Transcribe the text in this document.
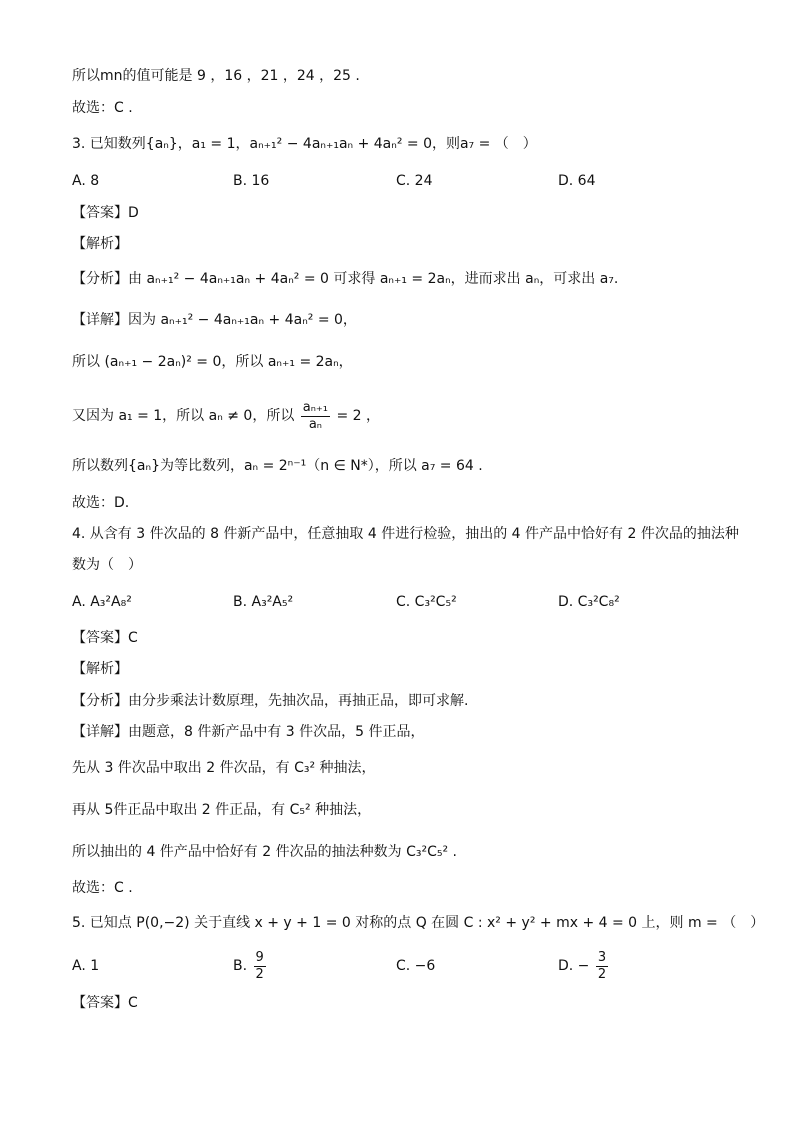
所以mn的值可能是 9 ，16 ，21 ，24 ，25 .
故选：C .
3. 已知数列{aₙ}，a₁ = 1，aₙ₊₁² − 4aₙ₊₁aₙ + 4aₙ² = 0，则a₇ = （　）
A. 8	B. 16	C. 24	D. 64
【答案】D
【解析】
【分析】由 aₙ₊₁² − 4aₙ₊₁aₙ + 4aₙ² = 0 可求得 aₙ₊₁ = 2aₙ，进而求出 aₙ，可求出 a₇.
【详解】因为 aₙ₊₁² − 4aₙ₊₁aₙ + 4aₙ² = 0，
所以 (aₙ₊₁ − 2aₙ)² = 0，所以 aₙ₊₁ = 2aₙ，
又因为 a₁ = 1，所以 aₙ ≠ 0，所以 $\frac{\text{aₙ₊₁}}{\text{aₙ}} = 2$ ，
所以数列{aₙ}为等比数列，aₙ = 2ⁿ⁻¹（n ∈ N*），所以 a₇ = 64 .
故选：D.
4. 从含有 3 件次品的 8 件新产品中，任意抽取 4 件进行检验，抽出的 4 件产品中恰好有 2 件次品的抽法种
数为（　）
A. A₃²A₈²	B. A₃²A₅²	C. C₃²C₅²	D. C₃²C₈²
【答案】C
【解析】
【分析】由分步乘法计数原理，先抽次品，再抽正品，即可求解.
【详解】由题意，8 件新产品中有 3 件次品，5 件正品，
先从 3 件次品中取出 2 件次品，有 C₃² 种抽法，
再从 5件正品中取出 2 件正品，有 C₅² 种抽法，
所以抽出的 4 件产品中恰好有 2 件次品的抽法种数为 C₃²C₅² .
故选：C .
5. 已知点 P(0,−2) 关于直线 x + y + 1 = 0 对称的点 Q 在圆 C : x² + y² + mx + 4 = 0 上，则 m = （　）
A. 1	B. $\frac{9}{2}$	C. −6	D. − $\frac{3}{2}$
【答案】C
